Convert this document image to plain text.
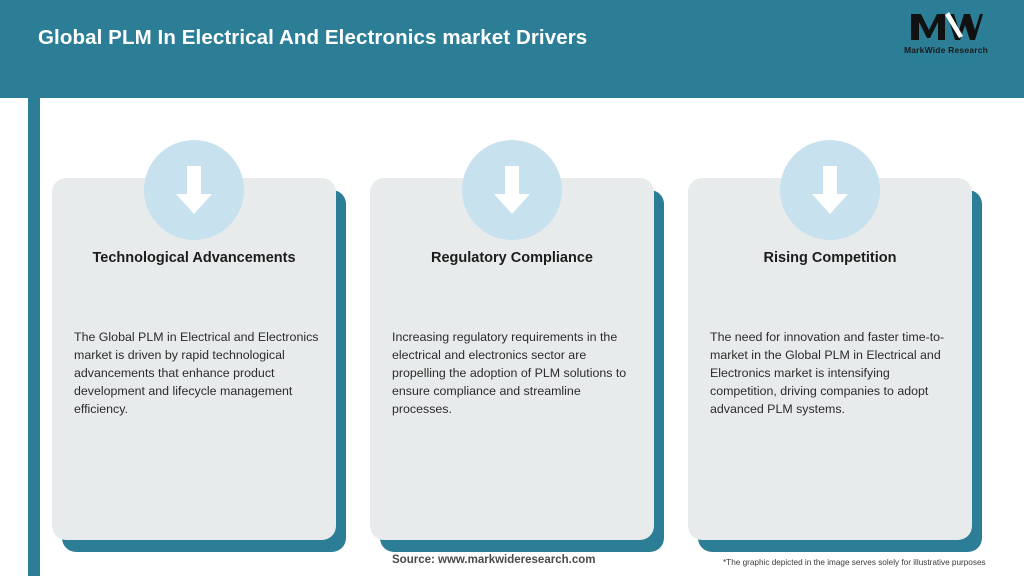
Global PLM In Electrical And Electronics market Drivers
MarkWide Research
Inspiring Growth
Technological Advancements
The Global PLM in Electrical and Electronics market is driven by rapid technological advancements that enhance product development and lifecycle management efficiency.
Regulatory Compliance
Increasing regulatory requirements in the electrical and electronics sector are propelling the adoption of PLM solutions to ensure compliance and streamline processes.
Rising Competition
The need for innovation and faster time-to-market in the Global PLM in Electrical and Electronics market is intensifying competition, driving companies to adopt advanced PLM systems.
Source: www.markwideresearch.com	*The graphic depicted in the image serves solely for illustrative purposes
